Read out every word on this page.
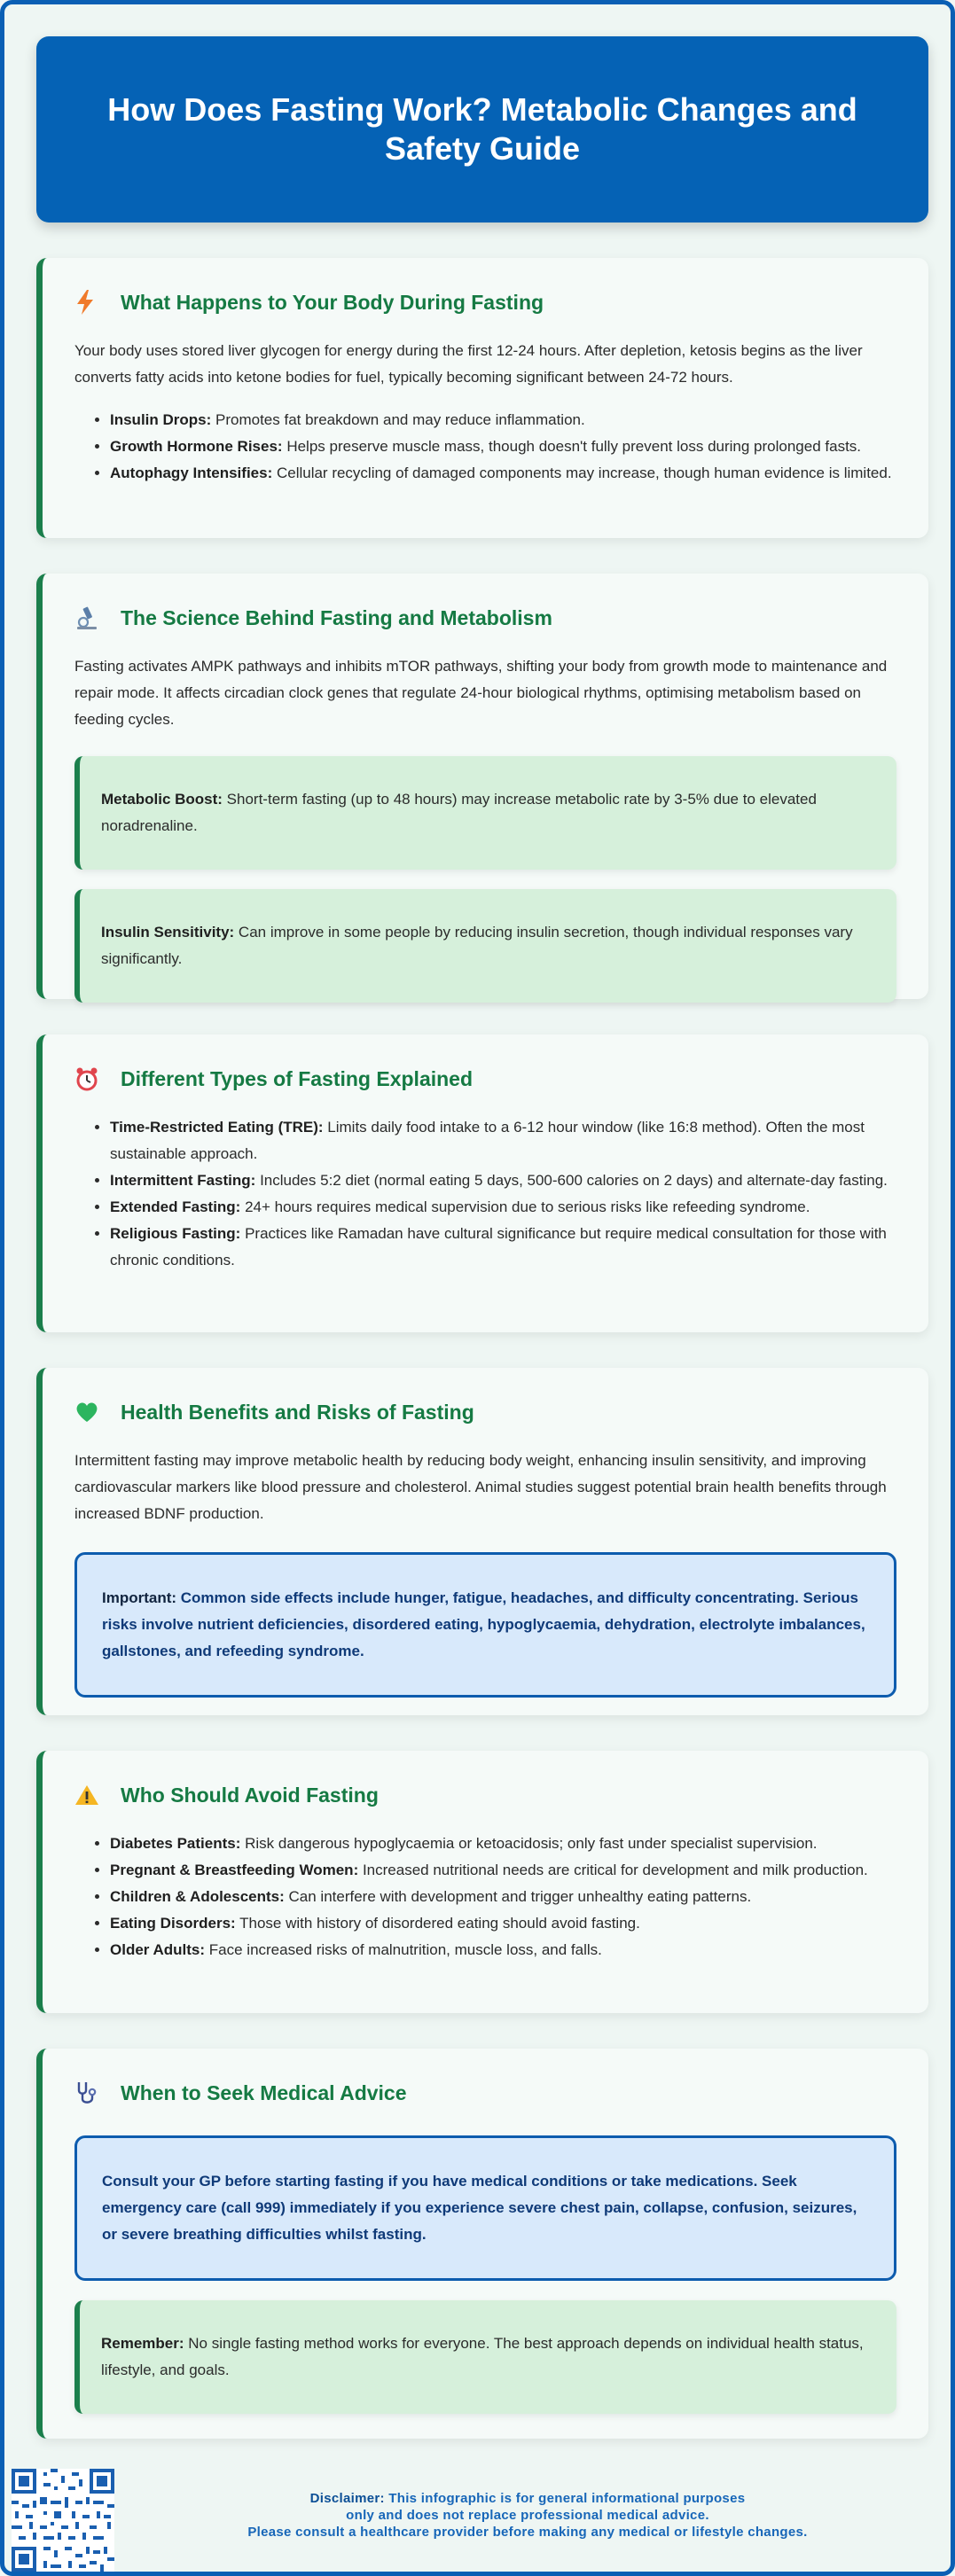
How Does Fasting Work? Metabolic Changes and Safety Guide
What Happens to Your Body During Fasting

Your body uses stored liver glycogen for energy during the first 12-24 hours. After depletion, ketosis begins as the liver converts fatty acids into ketone bodies for fuel, typically becoming significant between 24-72 hours.

• Insulin Drops: Promotes fat breakdown and may reduce inflammation.
• Growth Hormone Rises: Helps preserve muscle mass, though doesn't fully prevent loss during prolonged fasts.
• Autophagy Intensifies: Cellular recycling of damaged components may increase, though human evidence is limited.
The Science Behind Fasting and Metabolism

Fasting activates AMPK pathways and inhibits mTOR pathways, shifting your body from growth mode to maintenance and repair mode. It affects circadian clock genes that regulate 24-hour biological rhythms, optimising metabolism based on feeding cycles.

Metabolic Boost: Short-term fasting (up to 48 hours) may increase metabolic rate by 3-5% due to elevated noradrenaline.
Insulin Sensitivity: Can improve in some people by reducing insulin secretion, though individual responses vary significantly.
Different Types of Fasting Explained
• Time-Restricted Eating (TRE): Limits daily food intake to a 6-12 hour window (like 16:8 method). Often the most sustainable approach.
• Intermittent Fasting: Includes 5:2 diet (normal eating 5 days, 500-600 calories on 2 days) and alternate-day fasting.
• Extended Fasting: 24+ hours requires medical supervision due to serious risks like refeeding syndrome.
• Religious Fasting: Practices like Ramadan have cultural significance but require medical consultation for those with chronic conditions.
Health Benefits and Risks of Fasting

Intermittent fasting may improve metabolic health by reducing body weight, enhancing insulin sensitivity, and improving cardiovascular markers like blood pressure and cholesterol. Animal studies suggest potential brain health benefits through increased BDNF production.

Important: Common side effects include hunger, fatigue, headaches, and difficulty concentrating. Serious risks involve nutrient deficiencies, disordered eating, hypoglycaemia, dehydration, electrolyte imbalances, gallstones, and refeeding syndrome.
Who Should Avoid Fasting
• Diabetes Patients: Risk dangerous hypoglycaemia or ketoacidosis; only fast under specialist supervision.
• Pregnant & Breastfeeding Women: Increased nutritional needs are critical for development and milk production.
• Children & Adolescents: Can interfere with development and trigger unhealthy eating patterns.
• Eating Disorders: Those with history of disordered eating should avoid fasting.
• Older Adults: Face increased risks of malnutrition, muscle loss, and falls.
When to Seek Medical Advice
Consult your GP before starting fasting if you have medical conditions or take medications. Seek emergency care (call 999) immediately if you experience severe chest pain, collapse, confusion, seizures, or severe breathing difficulties whilst fasting.
Remember: No single fasting method works for everyone. The best approach depends on individual health status, lifestyle, and goals.
Disclaimer: This infographic is for general informational purposes
only and does not replace professional medical advice.
Please consult a healthcare provider before making any medical or lifestyle changes.
